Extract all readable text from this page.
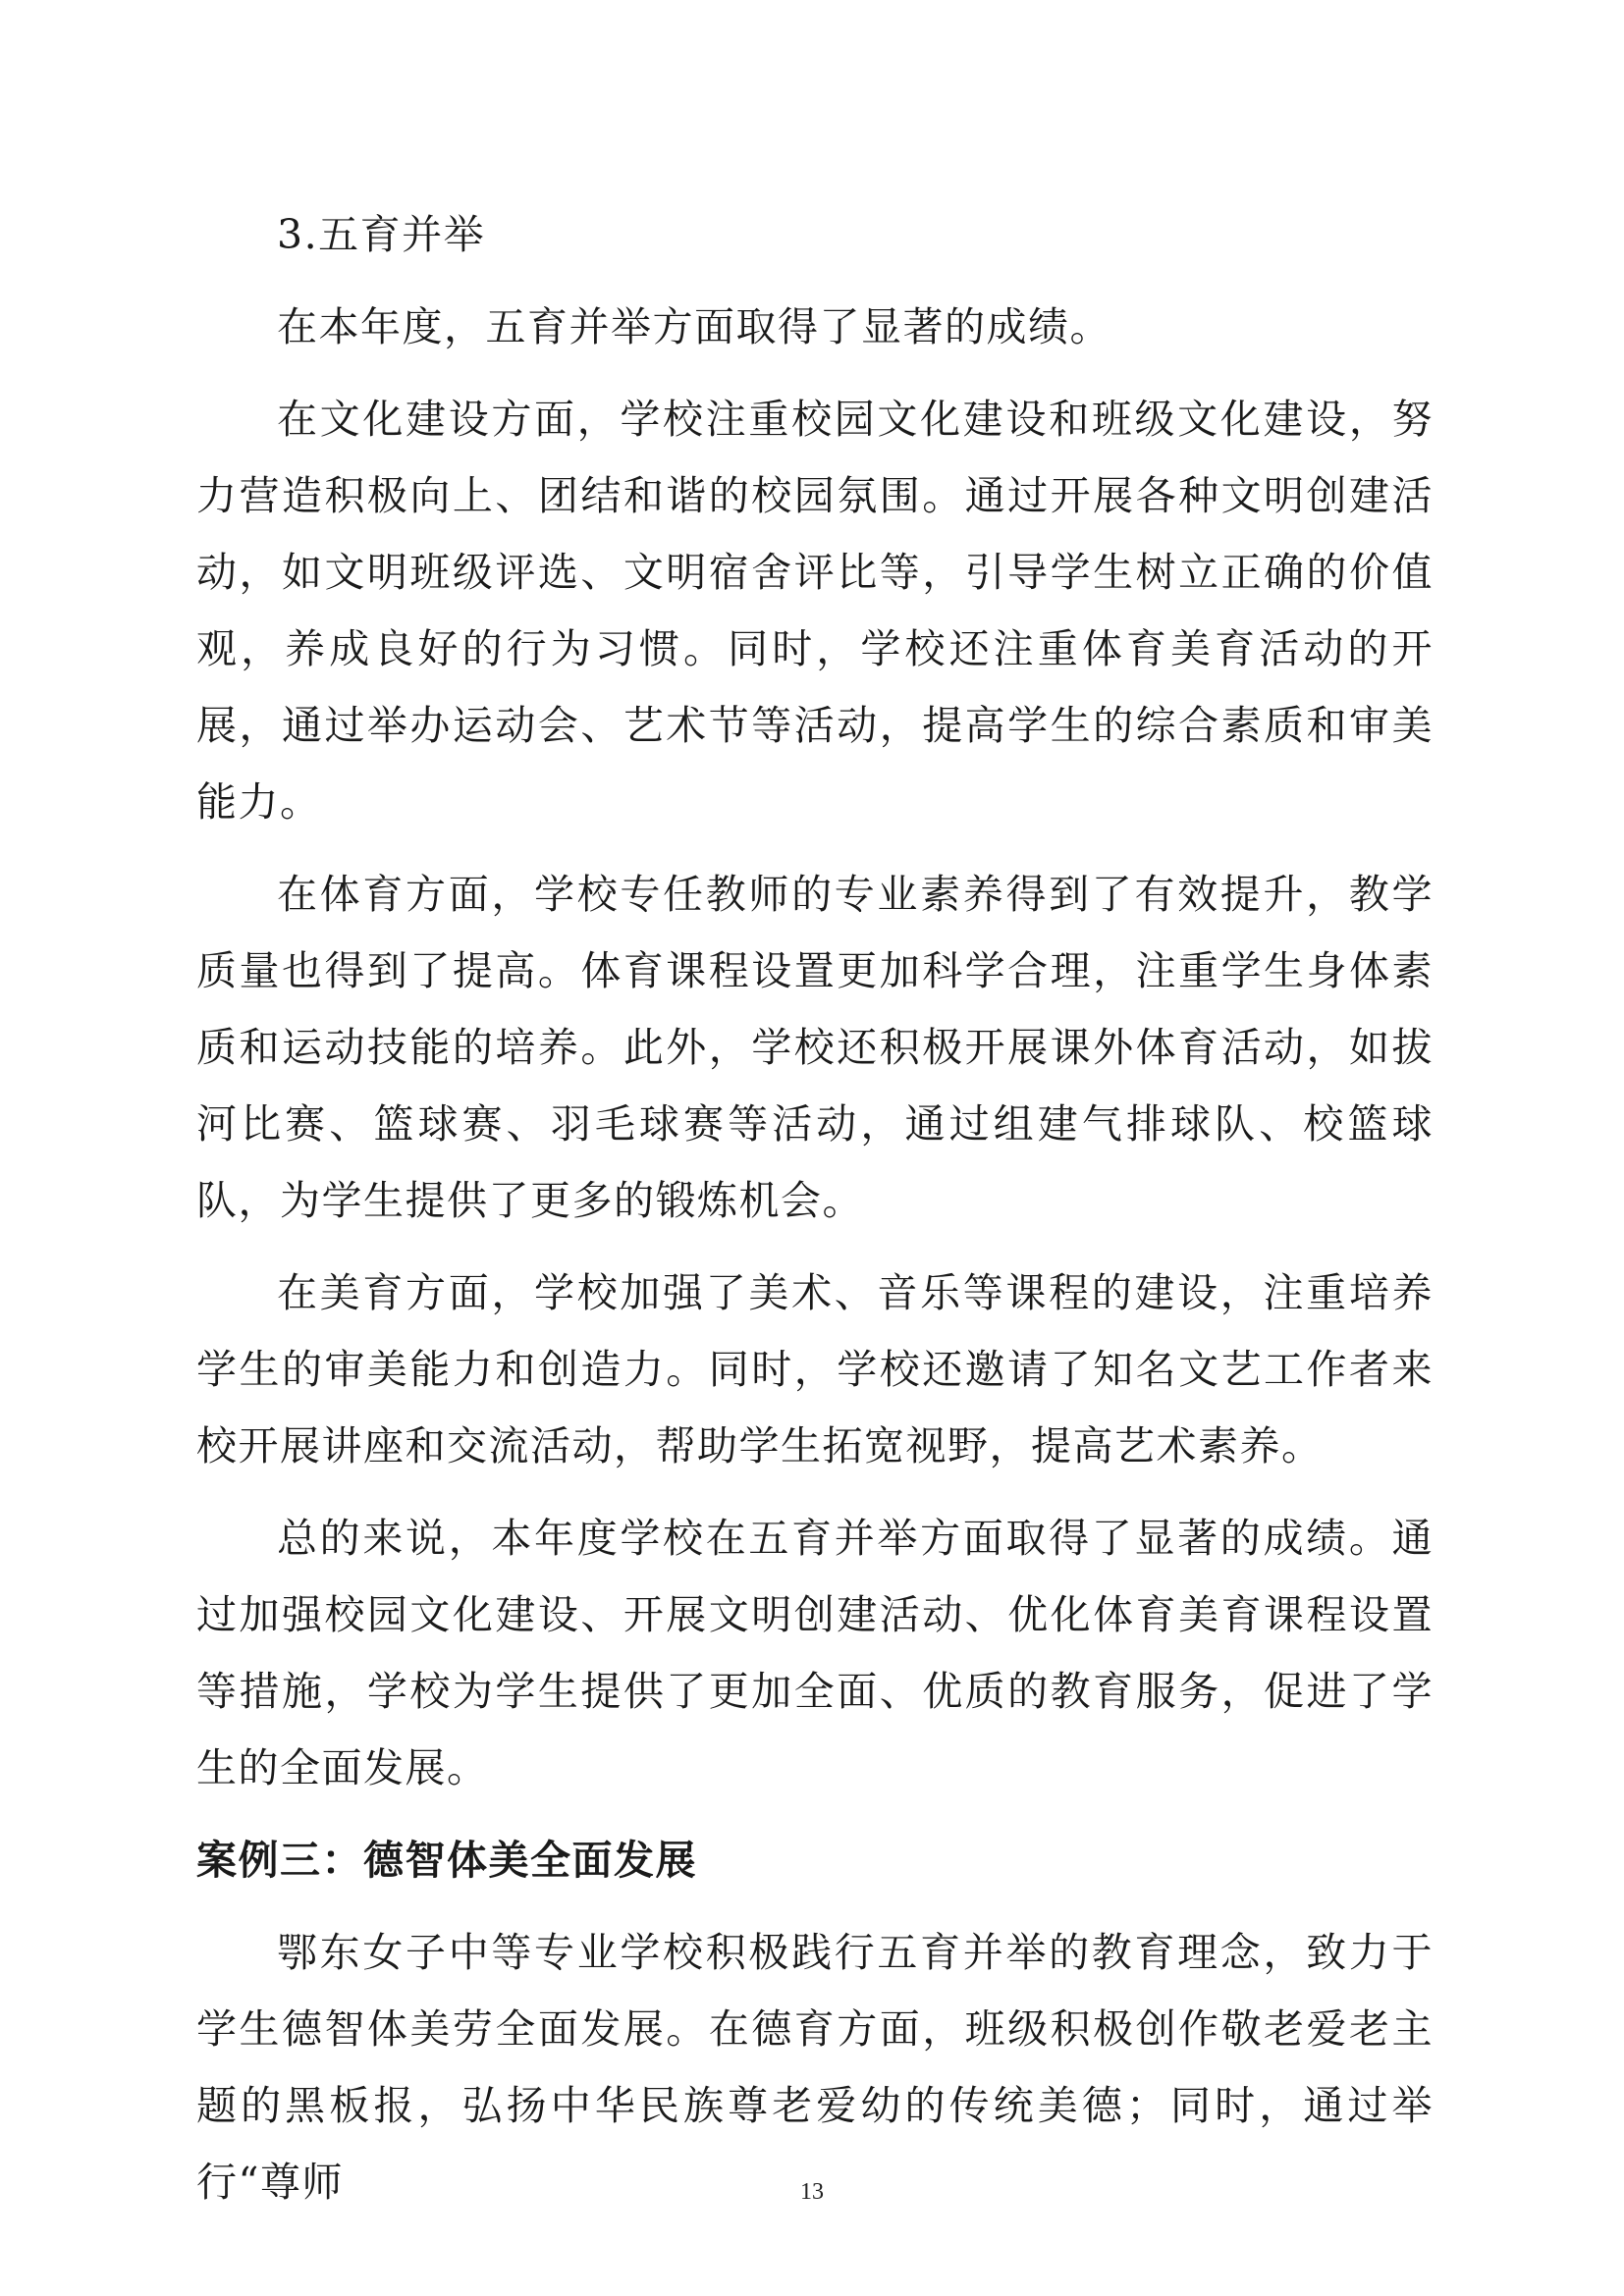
3.五育并举

在本年度，五育并举方面取得了显著的成绩。

在文化建设方面，学校注重校园文化建设和班级文化建设，努力营造积极向上、团结和谐的校园氛围。通过开展各种文明创建活动，如文明班级评选、文明宿舍评比等，引导学生树立正确的价值观，养成良好的行为习惯。同时，学校还注重体育美育活动的开展，通过举办运动会、艺术节等活动，提高学生的综合素质和审美能力。

在体育方面，学校专任教师的专业素养得到了有效提升，教学质量也得到了提高。体育课程设置更加科学合理，注重学生身体素质和运动技能的培养。此外，学校还积极开展课外体育活动，如拔河比赛、篮球赛、羽毛球赛等活动，通过组建气排球队、校篮球队，为学生提供了更多的锻炼机会。

在美育方面，学校加强了美术、音乐等课程的建设，注重培养学生的审美能力和创造力。同时，学校还邀请了知名文艺工作者来校开展讲座和交流活动，帮助学生拓宽视野，提高艺术素养。

总的来说，本年度学校在五育并举方面取得了显著的成绩。通过加强校园文化建设、开展文明创建活动、优化体育美育课程设置等措施，学校为学生提供了更加全面、优质的教育服务，促进了学生的全面发展。

案例三：德智体美全面发展

鄂东女子中等专业学校积极践行五育并举的教育理念，致力于学生德智体美劳全面发展。在德育方面，班级积极创作敬老爱老主题的黑板报，弘扬中华民族尊老爱幼的传统美德；同时，通过举行“尊师	13
